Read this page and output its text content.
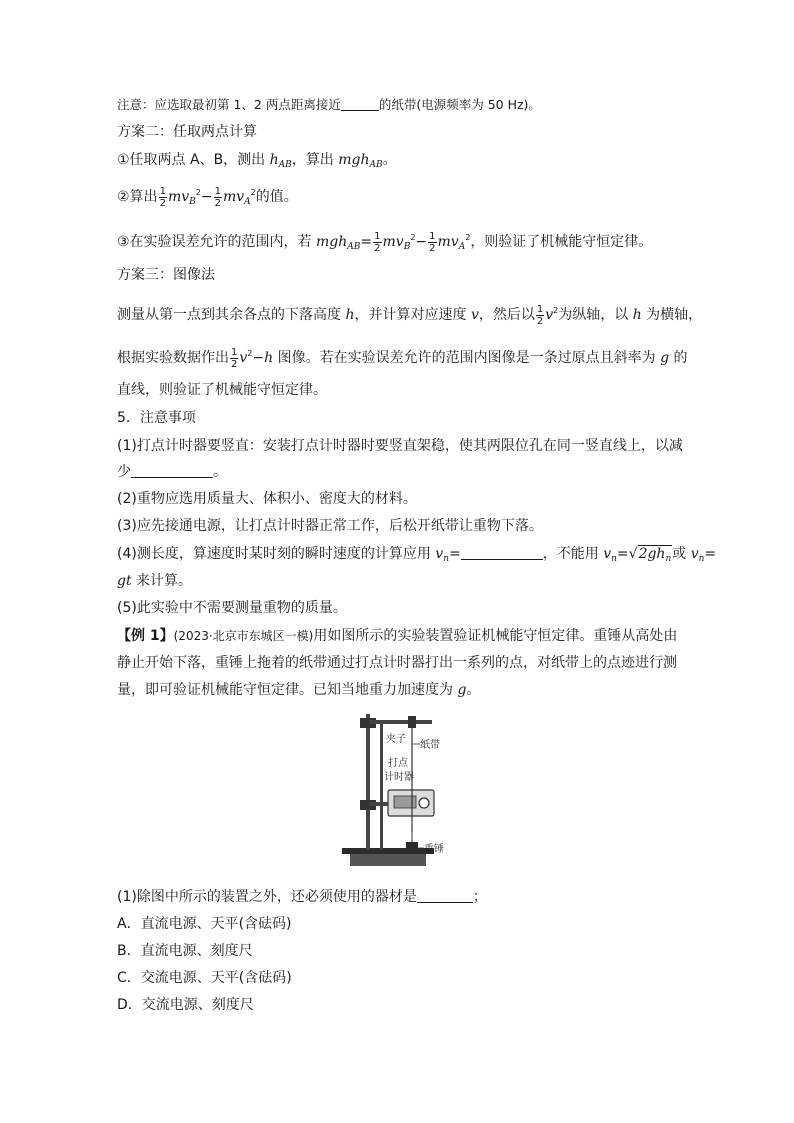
注意：应选取最初第 1、2 两点距离接近	的纸带(电源频率为 50 Hz)。
方案二：任取两点计算
①任取两点 A、B，测出 $h_{AB}$，算出 mgh$_{AB}$。
②算出 $\frac{1}{2} mv_B^2- \frac{1}{2} mv_A^2$的值。
③在实验误差允许的范围内，若 $mgh_{AB}= \frac{1}{2} mv_B^2- \frac{1}{2} mv_A^2$，则验证了机械能守恒定律。
方案三：图像法
测量从第一点到其余各点的下落高度 h，并计算对应速度 v，然后以 $\frac{1}{2} v^2$为纵轴，以 h 为横轴，
根据实验数据作出 $\frac{1}{2} v^2-h$ 图像。若在实验误差允许的范围内图像是一条过原点且斜率为 g 的
直线，则验证了机械能守恒定律。
5．注意事项
(1)打点计时器要竖直：安装打点计时器时要竖直架稳，使其两限位孔在同一竖直线上，以减
少	。
(2)重物应选用质量大、体积小、密度大的材料。
(3)应先接通电源，让打点计时器正常工作，后松开纸带让重物下落。
(4)测长度，算速度时某时刻的瞬时速度的计算应用 $v_n=$	，不能用 $v_n=√2gh_n$或 $v_n=$
gt 来计算。
(5)此实验中不需要测量重物的质量。
【例 1】(2023·北京市东城区一模)用如图所示的实验装置验证机械能守恒定律。重锤从高处由
静止开始下落，重锤上拖着的纸带通过打点计时器打出一系列的点，对纸带上的点迹进行测
量，即可验证机械能守恒定律。已知当地重力加速度为 g。
夹子
纸带
打点
计时器
重锤
(1)除图中所示的装置之外，还必须使用的器材是	；
A．直流电源、天平(含砝码)
B．直流电源、刻度尺
C．交流电源、天平(含砝码)
D．交流电源、刻度尺
